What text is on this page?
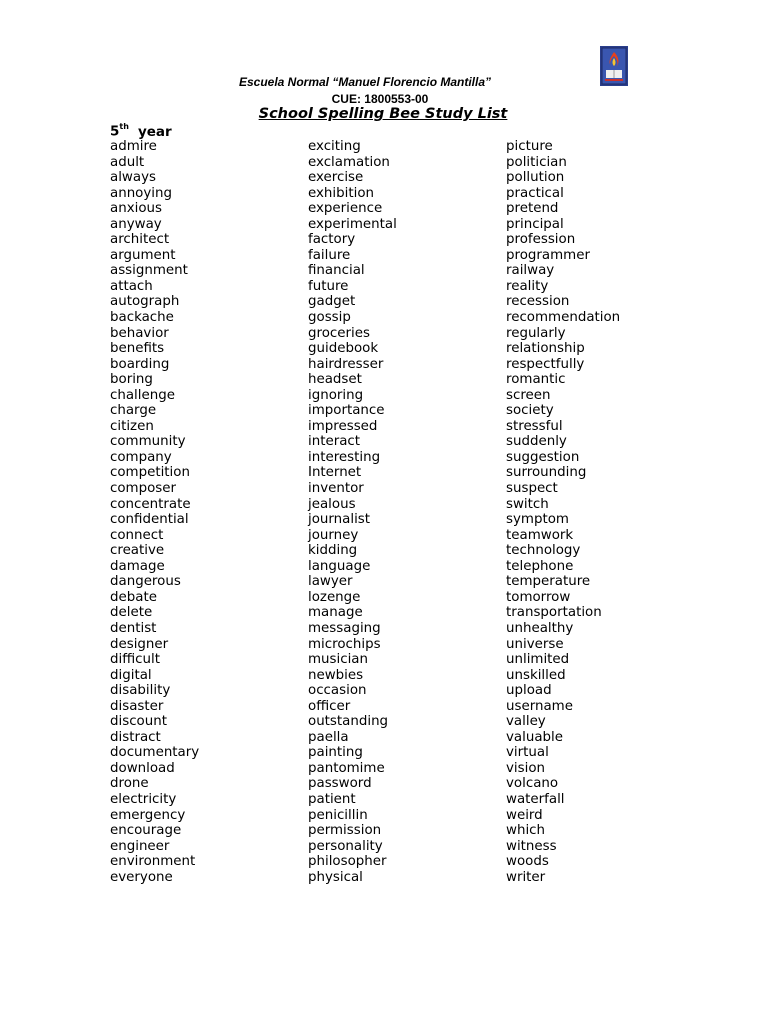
Escuela Normal “Manuel Florencio Mantilla”
CUE: 1800553-00
School Spelling Bee Study List
5th year
admire
adult
always
annoying
anxious
anyway
architect
argument
assignment
attach
autograph
backache
behavior
benefits
boarding
boring
challenge
charge
citizen
community
company
competition
composer
concentrate
confidential
connect
creative
damage
dangerous
debate
delete
dentist
designer
difficult
digital
disability
disaster
discount
distract
documentary
download
drone
electricity
emergency
encourage
engineer
environment
everyone
exciting
exclamation
exercise
exhibition
experience
experimental
factory
failure
financial
future
gadget
gossip
groceries
guidebook
hairdresser
headset
ignoring
importance
impressed
interact
interesting
Internet
inventor
jealous
journalist
journey
kidding
language
lawyer
lozenge
manage
messaging
microchips
musician
newbies
occasion
officer
outstanding
paella
painting
pantomime
password
patient
penicillin
permission
personality
philosopher
physical
picture
politician
pollution
practical
pretend
principal
profession
programmer
railway
reality
recession
recommendation
regularly
relationship
respectfully
romantic
screen
society
stressful
suddenly
suggestion
surrounding
suspect
switch
symptom
teamwork
technology
telephone
temperature
tomorrow
transportation
unhealthy
universe
unlimited
unskilled
upload
username
valley
valuable
virtual
vision
volcano
waterfall
weird
which
witness
woods
writer
